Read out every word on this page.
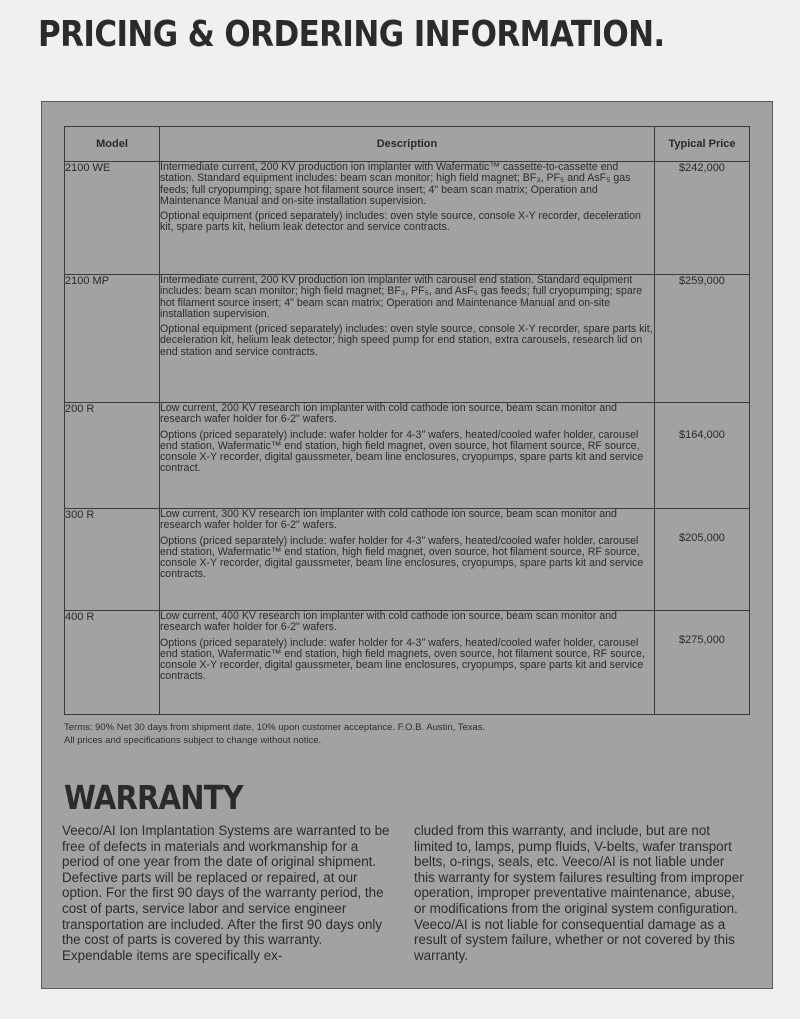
PRICING & ORDERING INFORMATION.
Model	Description	Typical Price
2100 WE	Intermediate current, 200 KV production ion implanter with Wafermatic™ cassette-to-cassette end station. Standard equipment includes: beam scan monitor; high field magnet; BF₃, PF₅ and AsF₅ gas feeds; full cryopumping; spare hot filament source insert; 4" beam scan matrix; Operation and Maintenance Manual and on-site installation supervision.

Optional equipment (priced separately) includes: oven style source, console X-Y recorder, deceleration kit, spare parts kit, helium leak detector and service contracts.	$242,000
2100 MP	Intermediate current, 200 KV production ion implanter with carousel end station. Standard equipment includes: beam scan monitor; high field magnet; BF₃, PF₅, and AsF₅ gas feeds; full cryopumping; spare hot filament source insert; 4" beam scan matrix; Operation and Maintenance Manual and on-site installation supervision.

Optional equipment (priced separately) includes: oven style source, console X-Y recorder, spare parts kit, deceleration kit, helium leak detector; high speed pump for end station, extra carousels, research lid on end station and service contracts.	$259,000
200 R	Low current, 200 KV research ion implanter with cold cathode ion source, beam scan monitor and research wafer holder for 6-2" wafers.

Options (priced separately) include: wafer holder for 4-3" wafers, heated/cooled wafer holder, carousel end station, Wafermatic™ end station, high field magnet, oven source, hot filament source, RF source, console X-Y recorder, digital gaussmeter, beam line enclosures, cryopumps, spare parts kit and service contract.	$164,000
300 R	Low current, 300 KV research ion implanter with cold cathode ion source, beam scan monitor and research wafer holder for 6-2" wafers.

Options (priced separately) include: wafer holder for 4-3" wafers, heated/cooled wafer holder, carousel end station, Wafermatic™ end station, high field magnet, oven source, hot filament source, RF source, console X-Y recorder, digital gaussmeter, beam line enclosures, cryopumps, spare parts kit and service contracts.	$205,000
400 R	Low current, 400 KV research ion implanter with cold cathode ion source, beam scan monitor and research wafer holder for 6-2" wafers.

Options (priced separately) include: wafer holder for 4-3" wafers, heated/cooled wafer holder, carousel end station, Wafermatic™ end station, high field magnets, oven source, hot filament source, RF source, console X-Y recorder, digital gaussmeter, beam line enclosures, cryopumps, spare parts kit and service contracts.	$275,000
Terms: 90% Net 30 days from shipment date, 10% upon customer acceptance. F.O.B. Austin, Texas.
All prices and specifications subject to change without notice.
WARRANTY
Veeco/AI Ion Implantation Systems are warranted to be free of defects in materials and workmanship for a period of one year from the date of original shipment. Defective parts will be replaced or repaired, at our option. For the first 90 days of the warranty period, the cost of parts, service labor and service engineer transportation are included. After the first 90 days only the cost of parts is covered by this warranty. Expendable items are specifically ex-
cluded from this warranty, and include, but are not limited to, lamps, pump fluids, V-belts, wafer transport belts, o-rings, seals, etc. Veeco/AI is not liable under this warranty for system failures resulting from improper operation, improper preventative maintenance, abuse, or modifications from the original system configuration. Veeco/AI is not liable for consequential damage as a result of system failure, whether or not covered by this warranty.
